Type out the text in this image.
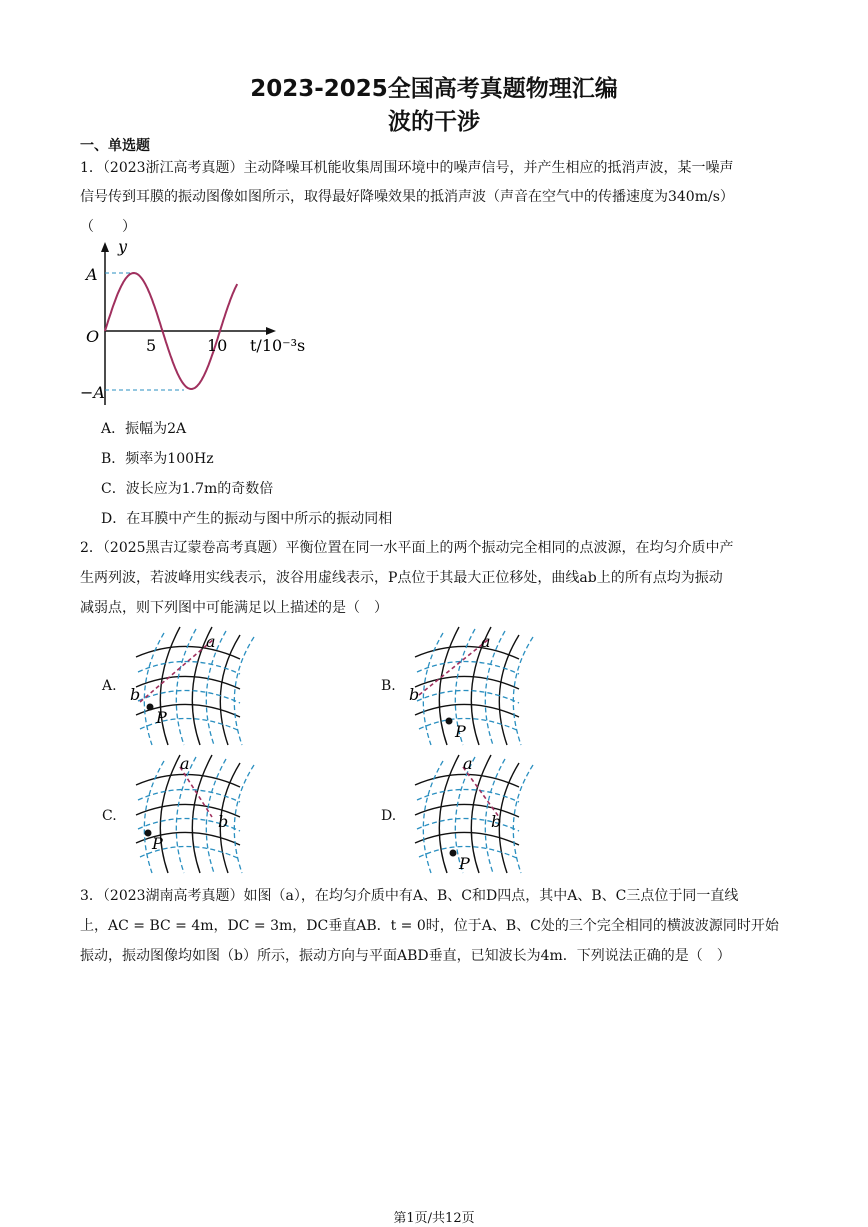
2023-2025全国高考真题物理汇编
波的干涉
一、单选题
1．（2023浙江高考真题）主动降噪耳机能收集周围环境中的噪声信号，并产生相应的抵消声波，某一噪声
信号传到耳膜的振动图像如图所示，取得最好降噪效果的抵消声波（声音在空气中的传播速度为340m/s）
（　　）
y
A
−A
O	5	10 t/10⁻³s
A．振幅为2A
B．频率为100Hz
C．波长应为1.7m的奇数倍
D．在耳膜中产生的振动与图中所示的振动同相
2．（2025黑吉辽蒙卷高考真题）平衡位置在同一水平面上的两个振动完全相同的点波源，在均匀介质中产
生两列波，若波峰用实线表示，波谷用虚线表示，P点位于其最大正位移处，曲线ab上的所有点均为振动
减弱点，则下列图中可能满足以上描述的是（　）
A.	B.
C.	D.
a
b
P
a
b
P
a
b
P
a
b
P
3．（2023湖南高考真题）如图（a），在均匀介质中有A、B、C和D四点，其中A、B、C三点位于同一直线
上，AC = BC = 4m，DC = 3m，DC垂直AB．t = 0时，位于A、B、C处的三个完全相同的横波波源同时开始
振动，振动图像均如图（b）所示，振动方向与平面ABD垂直，已知波长为4m．下列说法正确的是（　）
第1页/共12页
